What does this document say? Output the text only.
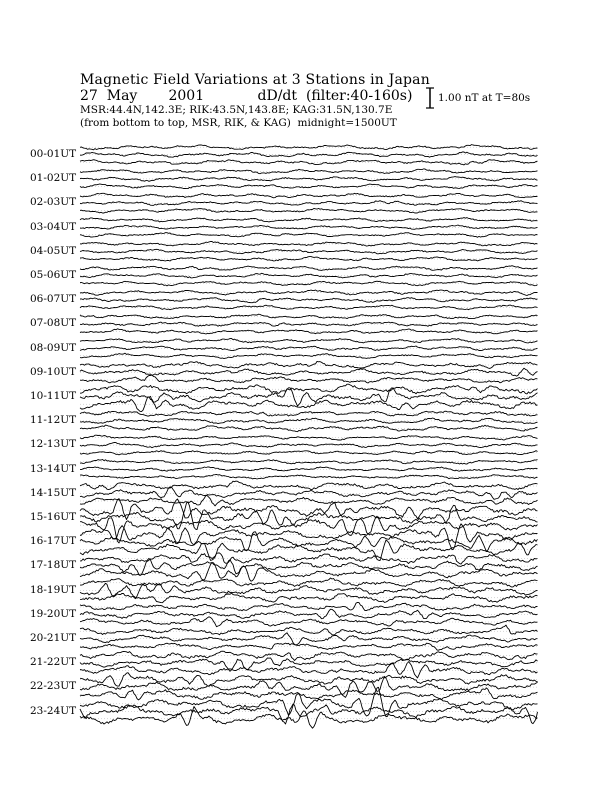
Magnetic Field Variations at 3 Stations in Japan
27 May 2001	dD/dt (filter:40-160s)
MSR:44.4N,142.3E; RIK:43.5N,143.8E; KAG:31.5N,130.7E
(from bottom to top, MSR, RIK, & KAG) midnight=1500UT
1.00 nT at T=80s
00-01UT
01-02UT
02-03UT
03-04UT
04-05UT
05-06UT
06-07UT
07-08UT
08-09UT
09-10UT
10-11UT
11-12UT
12-13UT
13-14UT
14-15UT
15-16UT
16-17UT
17-18UT
18-19UT
19-20UT
20-21UT
21-22UT
22-23UT
23-24UT
